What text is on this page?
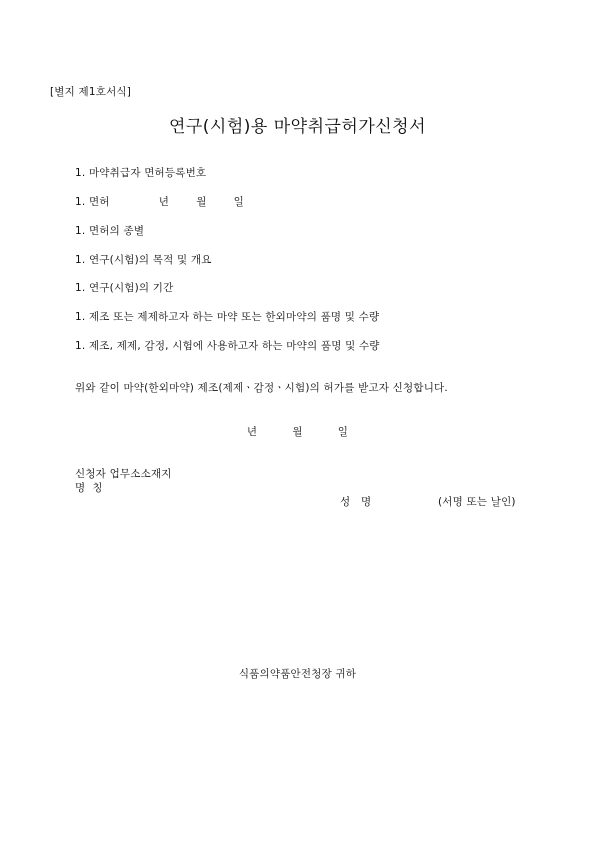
[별지 제1호서식]
연구(시험)용 마약취급허가신청서
1. 마약취급자 면허등록번호
1. 면허	년	월	일
1. 면허의 종별
1. 연구(시험)의 목적 및 개요
1. 연구(시험)의 기간
1. 제조 또는 제제하고자 하는 마약 또는 한외마약의 품명 및 수량
1. 제조, 제제, 감정, 시험에 사용하고자 하는 마약의 품명 및 수량
위와 같이 마약(한외마약) 제조(제제ㆍ감정ㆍ시험)의 허가를 받고자 신청합니다.
년	월	일
신청자 업무소소재지
명  칭
성   명	(서명 또는 날인)
식품의약품안전청장 귀하
